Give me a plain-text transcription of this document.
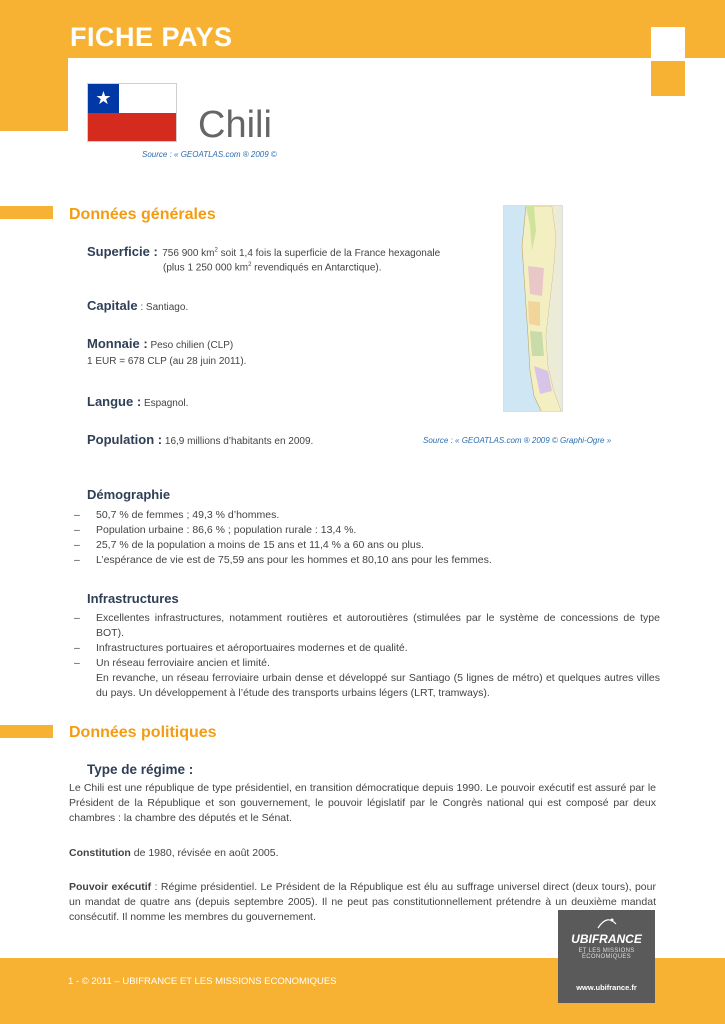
FICHE PAYS
★
Chili
Source : « GEOATLAS.com ® 2009 ©
Données générales
Superficie : 756 900 $km^2$ soit 1,4 fois la superficie de la France hexagonale
(plus 1 250 000 $km^2$ revendiqués en Antarctique).
Capitale : Santiago.
Monnaie : Peso chilien (CLP)
1 EUR = 678 CLP (au 28 juin 2011).
Langue : Espagnol.
Population : 16,9 millions d’habitants en 2009.	Source : « GEOATLAS.com ® 2009 © Graphi-Ogre »
Démographie
– 50,7 % de femmes ; 49,3 % d’hommes.
– Population urbaine : 86,6 % ; population rurale : 13,4 %.
– 25,7 % de la population a moins de 15 ans et 11,4 % a 60 ans ou plus.
– L’espérance de vie est de 75,59 ans pour les hommes et 80,10 ans pour les femmes.
Infrastructures
– Excellentes infrastructures, notamment routières et autoroutières (stimulées par le système de concessions de type BOT).
– Infrastructures portuaires et aéroportuaires modernes et de qualité.
– Un réseau ferroviaire ancien et limité.
En revanche, un réseau ferroviaire urbain dense et développé sur Santiago (5 lignes de métro) et quelques autres villes du pays. Un développement à l’étude des transports urbains légers (LRT, tramways).
Données politiques
Type de régime :
Le Chili est une république de type présidentiel, en transition démocratique depuis 1990. Le pouvoir exécutif est assuré par le Président de la République et son gouvernement, le pouvoir législatif par le Congrès national qui est composé par deux chambres : la chambre des députés et le Sénat.
Constitution de 1980, révisée en août 2005.
Pouvoir exécutif : Régime présidentiel. Le Président de la République est élu au suffrage universel direct (deux tours), pour un mandat de quatre ans (depuis septembre 2005). Il ne peut pas constitutionnellement prétendre à un deuxième mandat consécutif. Il nomme les membres du gouvernement.
1 - © 2011 – UBIFRANCE ET LES MISSIONS ECONOMIQUES
UBIFRANCE
ET LES MISSIONS ÉCONOMIQUES
www.ubifrance.fr
